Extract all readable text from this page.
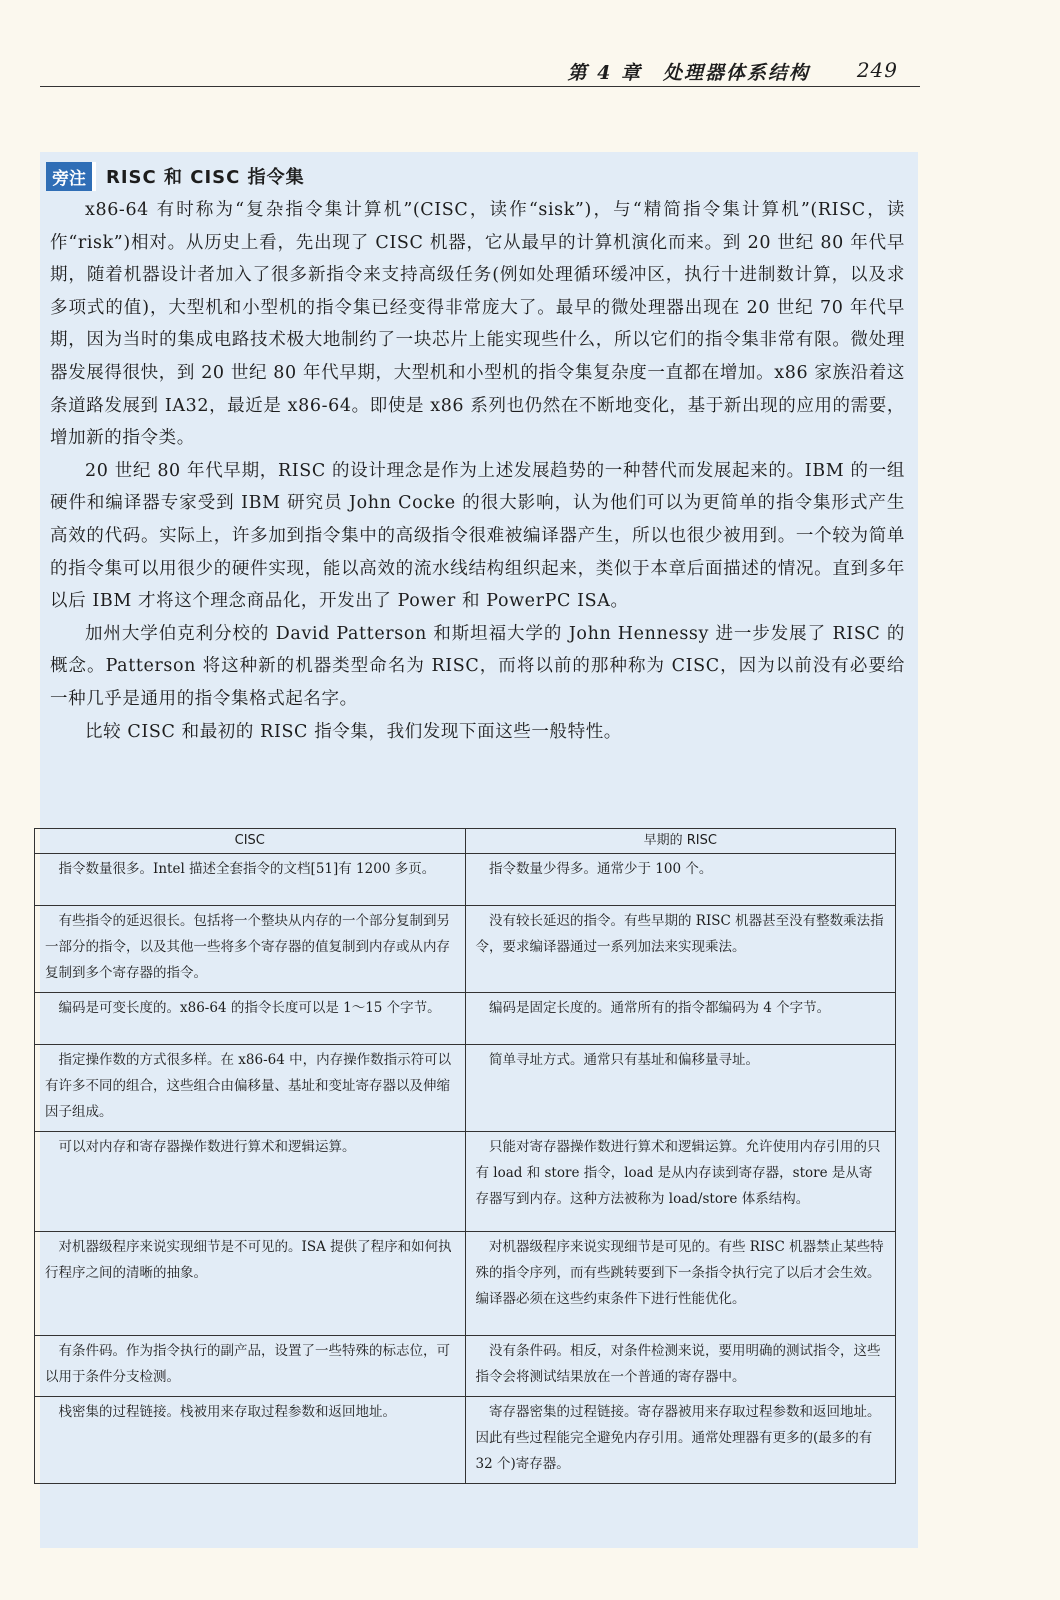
第 4 章　处理器体系结构 249
旁注	RISC 和 CISC 指令集

x86-64 有时称为“复杂指令集计算机”(CISC，读作“sisk”)，与“精简指令集计算机”(RISC，读作“risk”)相对。从历史上看，先出现了 CISC 机器，它从最早的计算机演化而来。到 20 世纪 80 年代早期，随着机器设计者加入了很多新指令来支持高级任务(例如处理循环缓冲区，执行十进制数计算，以及求多项式的值)，大型机和小型机的指令集已经变得非常庞大了。最早的微处理器出现在 20 世纪 70 年代早期，因为当时的集成电路技术极大地制约了一块芯片上能实现些什么，所以它们的指令集非常有限。微处理器发展得很快，到 20 世纪 80 年代早期，大型机和小型机的指令集复杂度一直都在增加。x86 家族沿着这条道路发展到 IA32，最近是 x86-64。即使是 x86 系列也仍然在不断地变化，基于新出现的应用的需要，增加新的指令类。

20 世纪 80 年代早期，RISC 的设计理念是作为上述发展趋势的一种替代而发展起来的。IBM 的一组硬件和编译器专家受到 IBM 研究员 John Cocke 的很大影响，认为他们可以为更简单的指令集形式产生高效的代码。实际上，许多加到指令集中的高级指令很难被编译器产生，所以也很少被用到。一个较为简单的指令集可以用很少的硬件实现，能以高效的流水线结构组织起来，类似于本章后面描述的情况。直到多年以后 IBM 才将这个理念商品化，开发出了 Power 和 PowerPC ISA。

加州大学伯克利分校的 David Patterson 和斯坦福大学的 John Hennessy 进一步发展了 RISC 的概念。Patterson 将这种新的机器类型命名为 RISC，而将以前的那种称为 CISC，因为以前没有必要给一种几乎是通用的指令集格式起名字。

比较 CISC 和最初的 RISC 指令集，我们发现下面这些一般特性。

CISC	早期的 RISC

指令数量很多。Intel 描述全套指令的文档[51]有 1200 多页。	指令数量少得多。通常少于 100 个。

有些指令的延迟很长。包括将一个整块从内存的一个部分复制到另一部分的指令，以及其他一些将多个寄存器的值复制到内存或从内存复制到多个寄存器的指令。	没有较长延迟的指令。有些早期的 RISC 机器甚至没有整数乘法指令，要求编译器通过一系列加法来实现乘法。

编码是可变长度的。x86-64 的指令长度可以是 1～15 个字节。	编码是固定长度的。通常所有的指令都编码为 4 个字节。

指定操作数的方式很多样。在 x86-64 中，内存操作数指示符可以有许多不同的组合，这些组合由偏移量、基址和变址寄存器以及伸缩因子组成。	简单寻址方式。通常只有基址和偏移量寻址。

可以对内存和寄存器操作数进行算术和逻辑运算。	只能对寄存器操作数进行算术和逻辑运算。允许使用内存引用的只有 load 和 store 指令，load 是从内存读到寄存器，store 是从寄存器写到内存。这种方法被称为 load/store 体系结构。

对机器级程序来说实现细节是不可见的。ISA 提供了程序和如何执行程序之间的清晰的抽象。	对机器级程序来说实现细节是可见的。有些 RISC 机器禁止某些特殊的指令序列，而有些跳转要到下一条指令执行完了以后才会生效。编译器必须在这些约束条件下进行性能优化。

有条件码。作为指令执行的副产品，设置了一些特殊的标志位，可以用于条件分支检测。	没有条件码。相反，对条件检测来说，要用明确的测试指令，这些指令会将测试结果放在一个普通的寄存器中。

栈密集的过程链接。栈被用来存取过程参数和返回地址。	寄存器密集的过程链接。寄存器被用来存取过程参数和返回地址。因此有些过程能完全避免内存引用。通常处理器有更多的(最多的有 32 个)寄存器。
